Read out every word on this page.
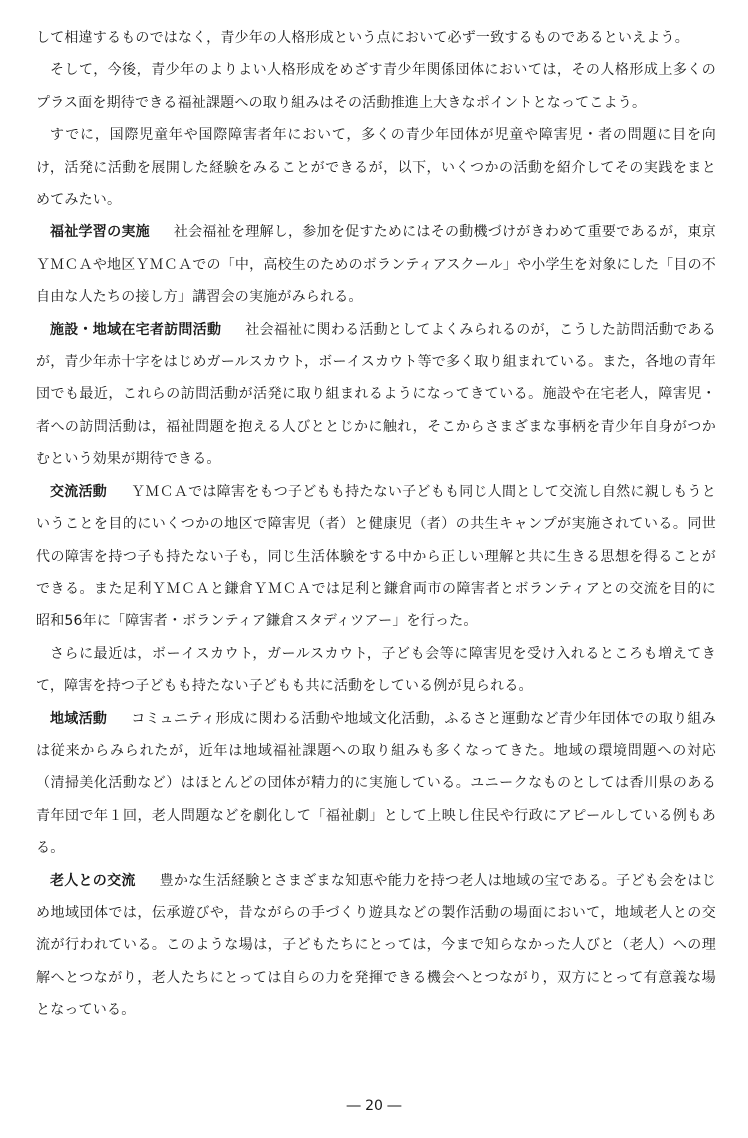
して相違するものではなく，青少年の人格形成という点において必ず一致するものであるといえよう。

そして，今後，青少年のよりよい人格形成をめざす青少年関係団体においては，その人格形成上多くのプラス面を期待できる福祉課題への取り組みはその活動推進上大きなポイントとなってこよう。

すでに，国際児童年や国際障害者年において，多くの青少年団体が児童や障害児・者の問題に目を向け，活発に活動を展開した経験をみることができるが，以下，いくつかの活動を紹介してその実践をまとめてみたい。

福祉学習の実施 社会福祉を理解し，参加を促すためにはその動機づけがきわめて重要であるが，東京ＹＭＣＡや地区ＹＭＣＡでの「中，高校生のためのボランティアスクール」や小学生を対象にした「目の不自由な人たちの接し方」講習会の実施がみられる。

施設・地域在宅者訪問活動 社会福祉に関わる活動としてよくみられるのが，こうした訪問活動であるが，青少年赤十字をはじめガールスカウト，ボーイスカウト等で多く取り組まれている。また，各地の青年団でも最近，これらの訪問活動が活発に取り組まれるようになってきている。施設や在宅老人，障害児・者への訪問活動は，福祉問題を抱える人びととじかに触れ，そこからさまざまな事柄を青少年自身がつかむという効果が期待できる。

交流活動 ＹＭＣＡでは障害をもつ子どもも持たない子どもも同じ人間として交流し自然に親しもうということを目的にいくつかの地区で障害児（者）と健康児（者）の共生キャンプが実施されている。同世代の障害を持つ子も持たない子も，同じ生活体験をする中から正しい理解と共に生きる思想を得ることができる。また足利ＹＭＣＡと鎌倉ＹＭＣＡでは足利と鎌倉両市の障害者とボランティアとの交流を目的に昭和56年に「障害者・ボランティア鎌倉スタディツアー」を行った。

さらに最近は，ボーイスカウト，ガールスカウト，子ども会等に障害児を受け入れるところも増えてきて，障害を持つ子どもも持たない子どもも共に活動をしている例が見られる。

地域活動 コミュニティ形成に関わる活動や地域文化活動，ふるさと運動など青少年団体での取り組みは従来からみられたが，近年は地域福祉課題への取り組みも多くなってきた。地域の環境問題への対応（清掃美化活動など）はほとんどの団体が精力的に実施している。ユニークなものとしては香川県のある青年団で年１回，老人問題などを劇化して「福祉劇」として上映し住民や行政にアピールしている例もある。

老人との交流 豊かな生活経験とさまざまな知恵や能力を持つ老人は地域の宝である。子ども会をはじめ地域団体では，伝承遊びや，昔ながらの手づくり遊具などの製作活動の場面において，地域老人との交流が行われている。このような場は，子どもたちにとっては，今まで知らなかった人びと（老人）への理解へとつながり，老人たちにとっては自らの力を発揮できる機会へとつながり，双方にとって有意義な場となっている。

― 20 ―
